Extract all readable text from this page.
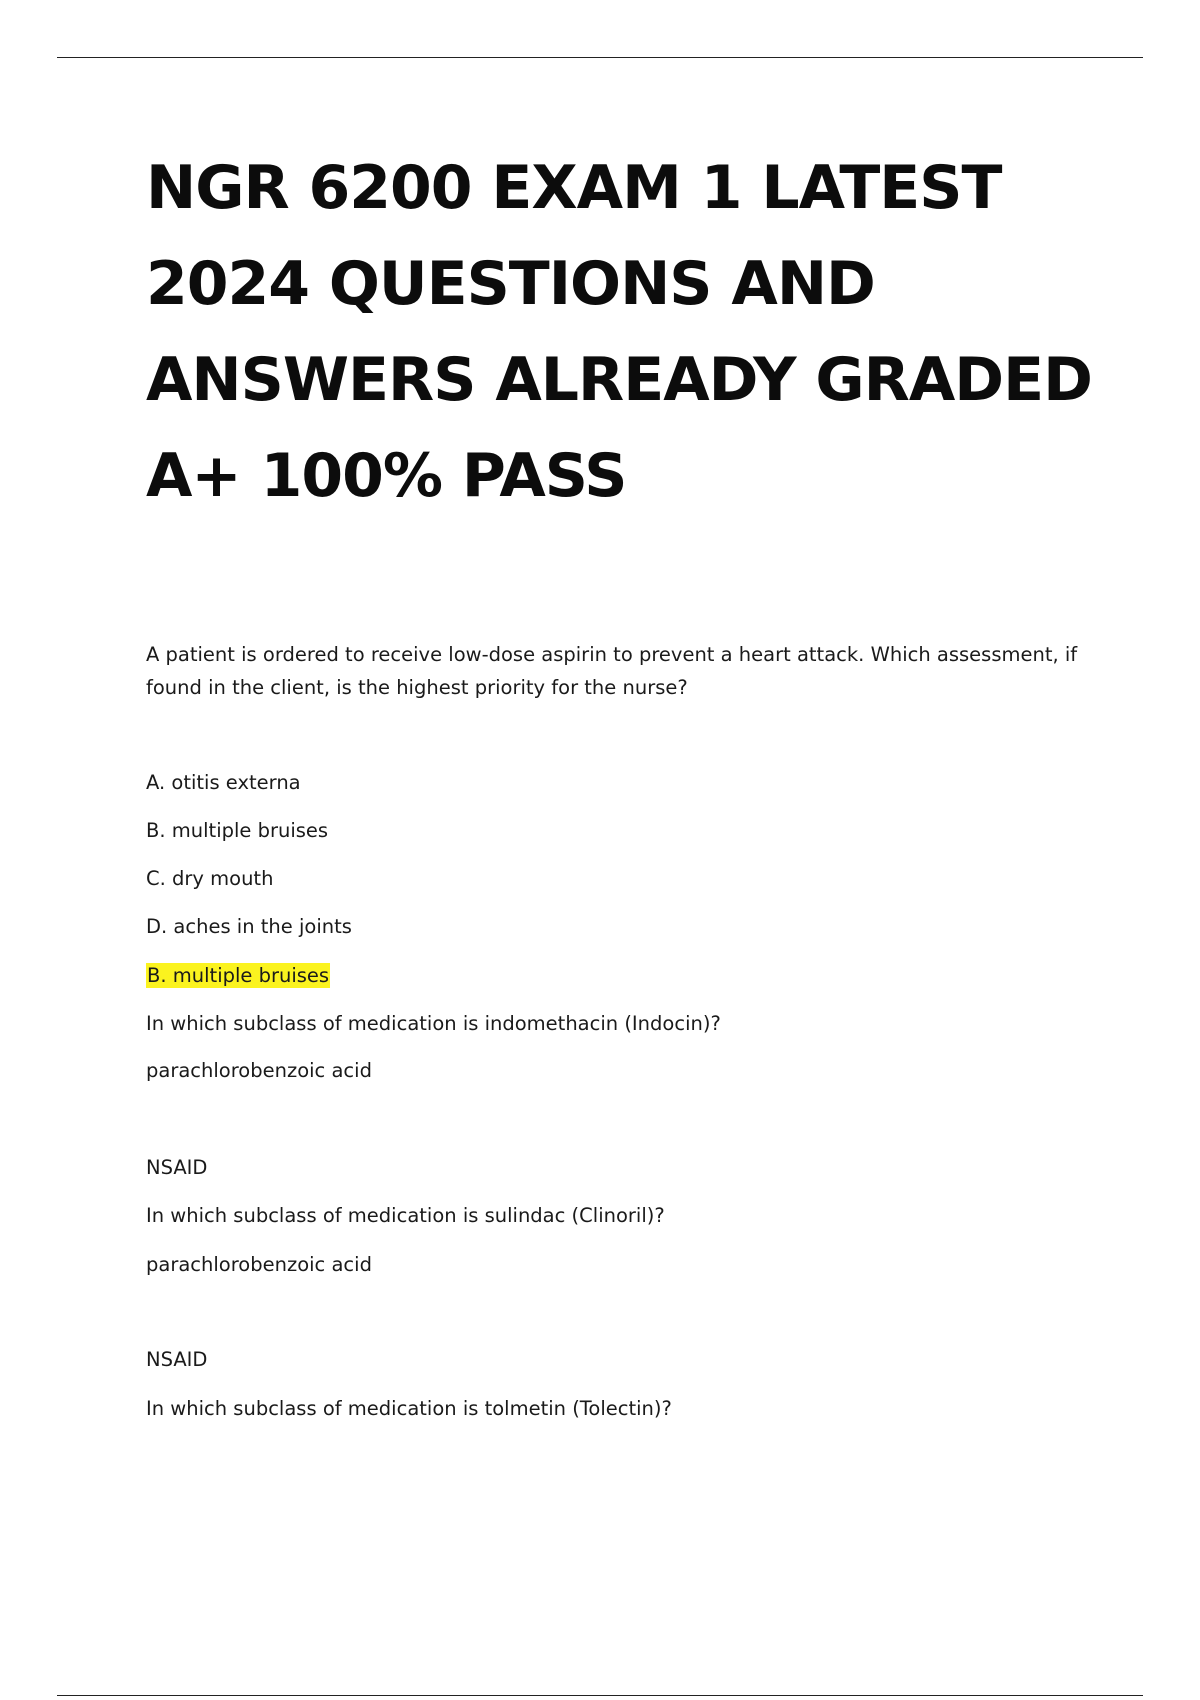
NGR 6200 EXAM 1 LATEST
2024 QUESTIONS AND
ANSWERS ALREADY GRADED
A+ 100% PASS

A patient is ordered to receive low-dose aspirin to prevent a heart attack. Which assessment, if found in the client, is the highest priority for the nurse?

A. otitis externa
B. multiple bruises
C. dry mouth
D. aches in the joints
B. multiple bruises
In which subclass of medication is indomethacin (Indocin)?
parachlorobenzoic acid
NSAID
In which subclass of medication is sulindac (Clinoril)?
parachlorobenzoic acid
NSAID
In which subclass of medication is tolmetin (Tolectin)?
